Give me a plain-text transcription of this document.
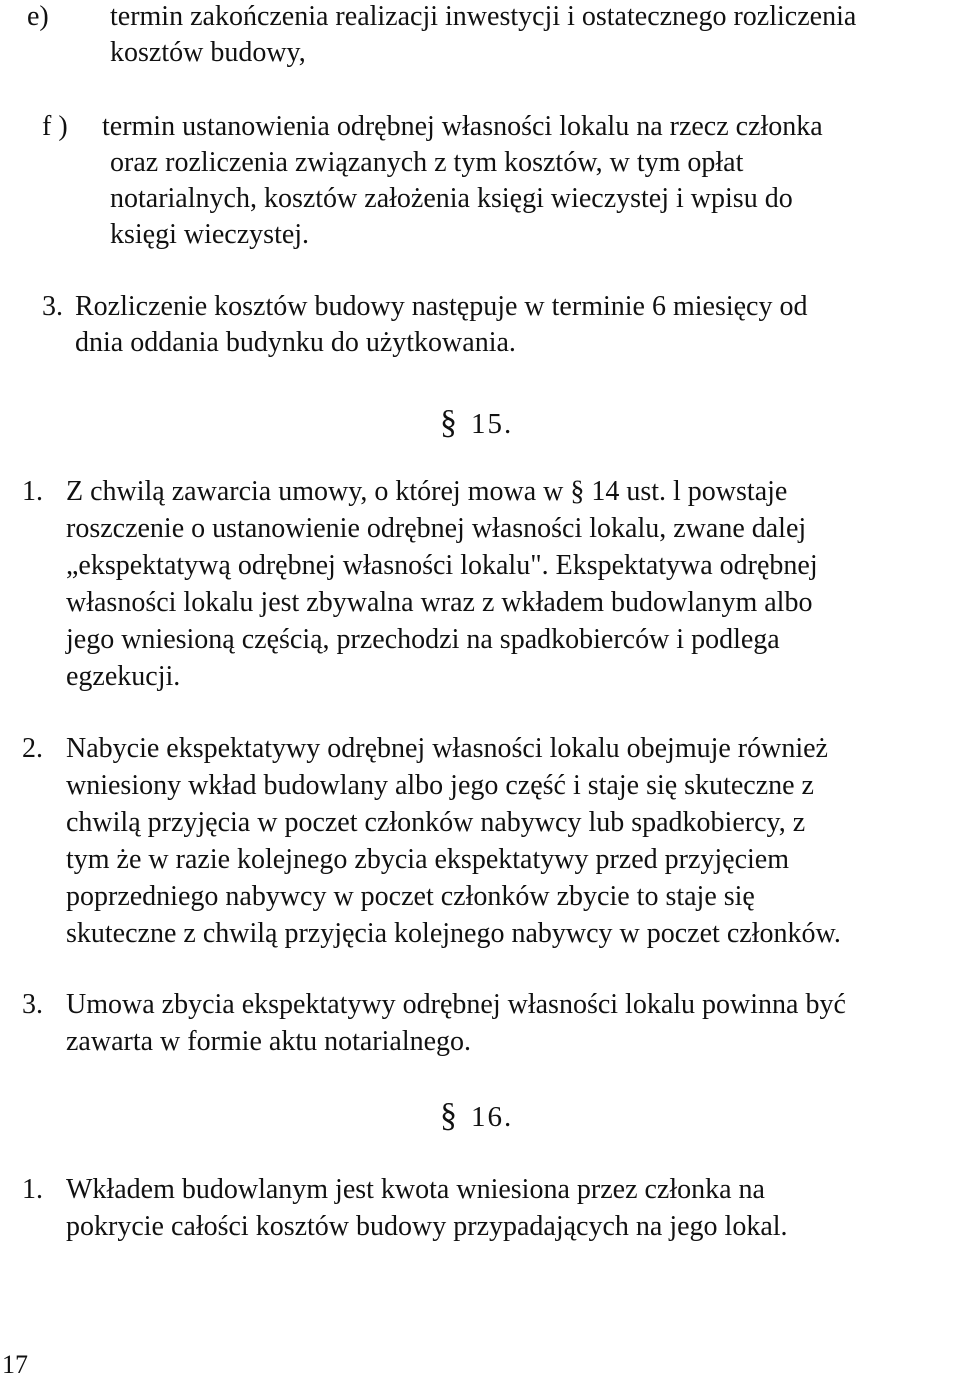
e) termin zakończenia realizacji inwestycji i ostatecznego rozliczenia
kosztów budowy,
f ) termin ustanowienia odrębnej własności lokalu na rzecz członka
oraz rozliczenia związanych z tym kosztów, w tym opłat
notarialnych, kosztów założenia księgi wieczystej i wpisu do
księgi wieczystej.
3. Rozliczenie kosztów budowy następuje w terminie 6 miesięcy od
dnia oddania budynku do użytkowania.
§ 15.
1. Z chwilą zawarcia umowy, o której mowa w § 14 ust. l powstaje
roszczenie o ustanowienie odrębnej własności lokalu, zwane dalej
„ekspektatywą odrębnej własności lokalu". Ekspektatywa odrębnej
własności lokalu jest zbywalna wraz z wkładem budowlanym albo
jego wniesioną częścią, przechodzi na spadkobierców i podlega
egzekucji.
2. Nabycie ekspektatywy odrębnej własności lokalu obejmuje również
wniesiony wkład budowlany albo jego część i staje się skuteczne z
chwilą przyjęcia w poczet członków nabywcy lub spadkobiercy, z
tym że w razie kolejnego zbycia ekspektatywy przed przyjęciem
poprzedniego nabywcy w poczet członków zbycie to staje się
skuteczne z chwilą przyjęcia kolejnego nabywcy w poczet członków.
3. Umowa zbycia ekspektatywy odrębnej własności lokalu powinna być
zawarta w formie aktu notarialnego.
§ 16.
1. Wkładem budowlanym jest kwota wniesiona przez członka na
pokrycie całości kosztów budowy przypadających na jego lokal.
17
